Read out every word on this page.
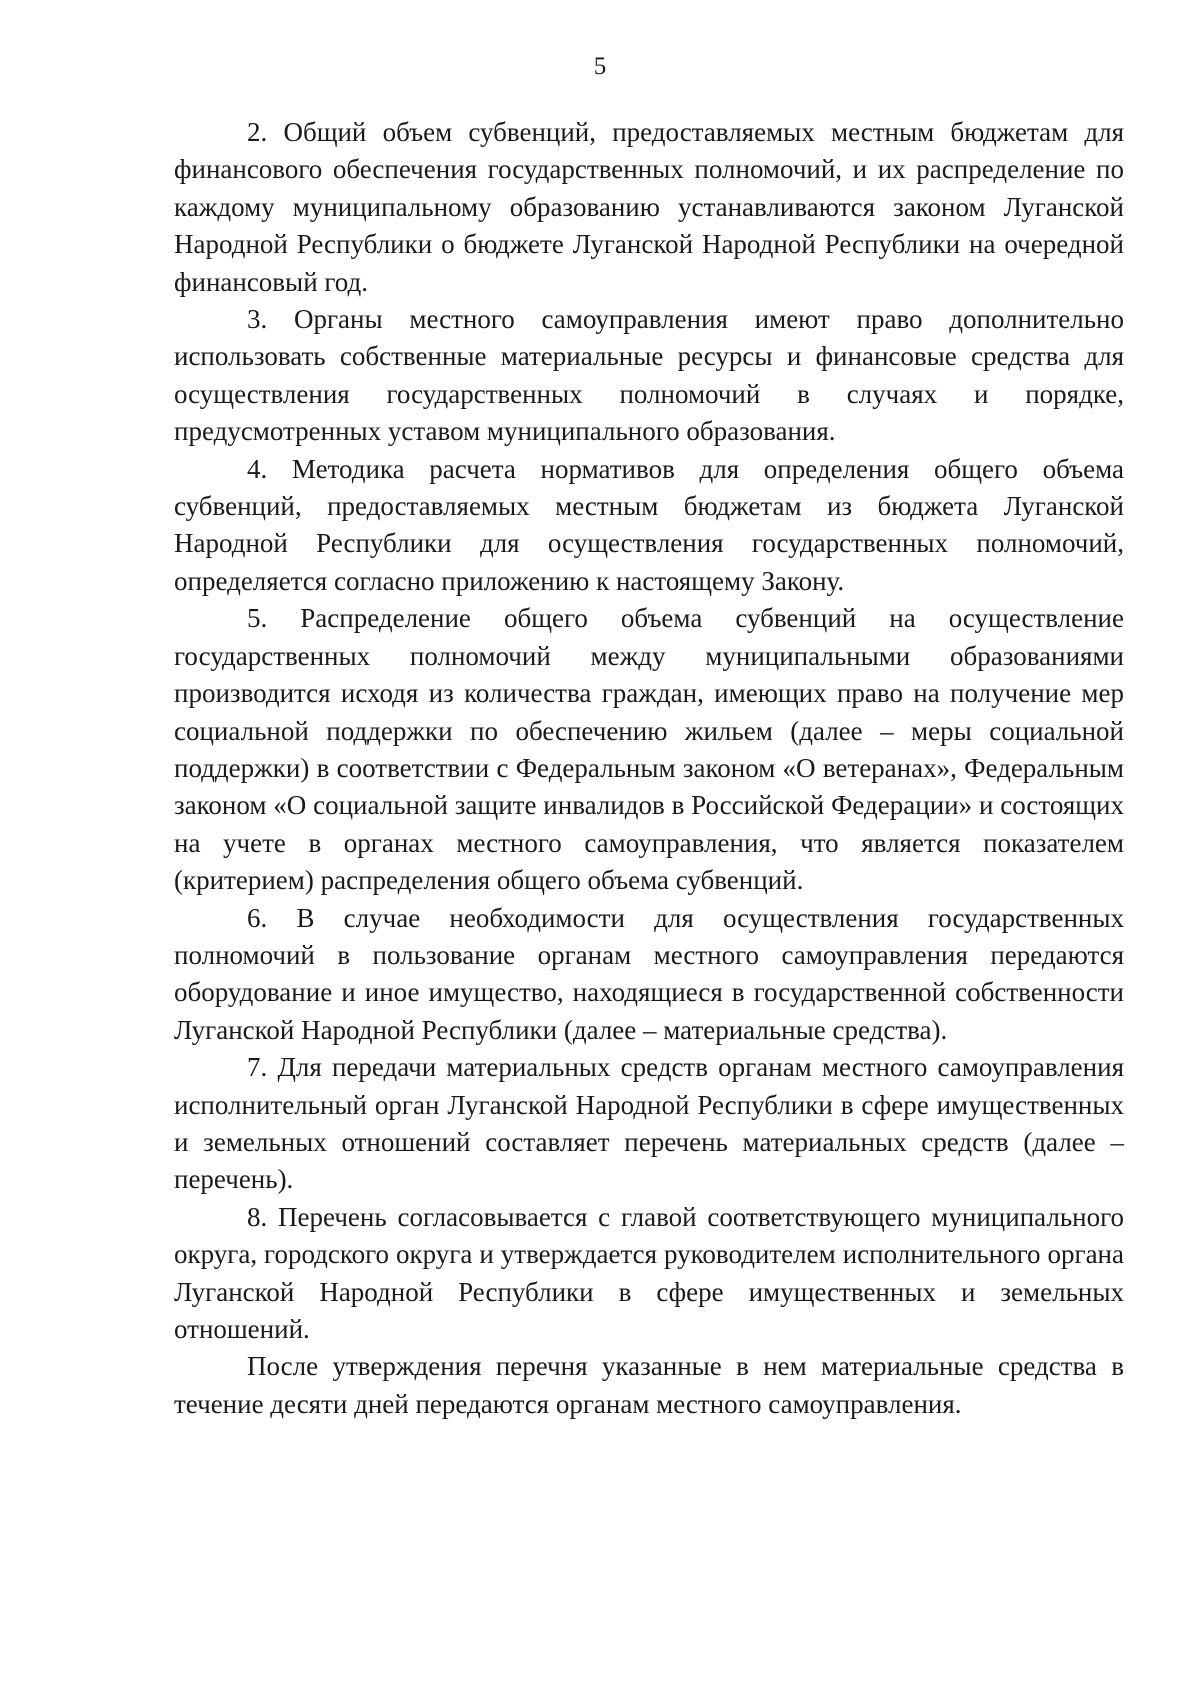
5

2. Общий объем субвенций, предоставляемых местным бюджетам для финансового обеспечения государственных полномочий, и их распределение по каждому муниципальному образованию устанавливаются законом Луганской Народной Республики о бюджете Луганской Народной Республики на очередной финансовый год.

3. Органы местного самоуправления имеют право дополнительно использовать собственные материальные ресурсы и финансовые средства для осуществления государственных полномочий в случаях и порядке, предусмотренных уставом муниципального образования.

4. Методика расчета нормативов для определения общего объема субвенций, предоставляемых местным бюджетам из бюджета Луганской Народной Республики для осуществления государственных полномочий, определяется согласно приложению к настоящему Закону.

5. Распределение общего объема субвенций на осуществление государственных полномочий между муниципальными образованиями производится исходя из количества граждан, имеющих право на получение мер социальной поддержки по обеспечению жильем (далее – меры социальной поддержки) в соответствии с Федеральным законом «О ветеранах», Федеральным законом «О социальной защите инвалидов в Российской Федерации» и состоящих на учете в органах местного самоуправления, что является показателем (критерием) распределения общего объема субвенций.

6. В случае необходимости для осуществления государственных полномочий в пользование органам местного самоуправления передаются оборудование и иное имущество, находящиеся в государственной собственности Луганской Народной Республики (далее – материальные средства).

7. Для передачи материальных средств органам местного самоуправления исполнительный орган Луганской Народной Республики в сфере имущественных и земельных отношений составляет перечень материальных средств (далее – перечень).

8. Перечень согласовывается с главой соответствующего муниципального округа, городского округа и утверждается руководителем исполнительного органа Луганской Народной Республики в сфере имущественных и земельных отношений.

После утверждения перечня указанные в нем материальные средства в течение десяти дней передаются органам местного самоуправления.
